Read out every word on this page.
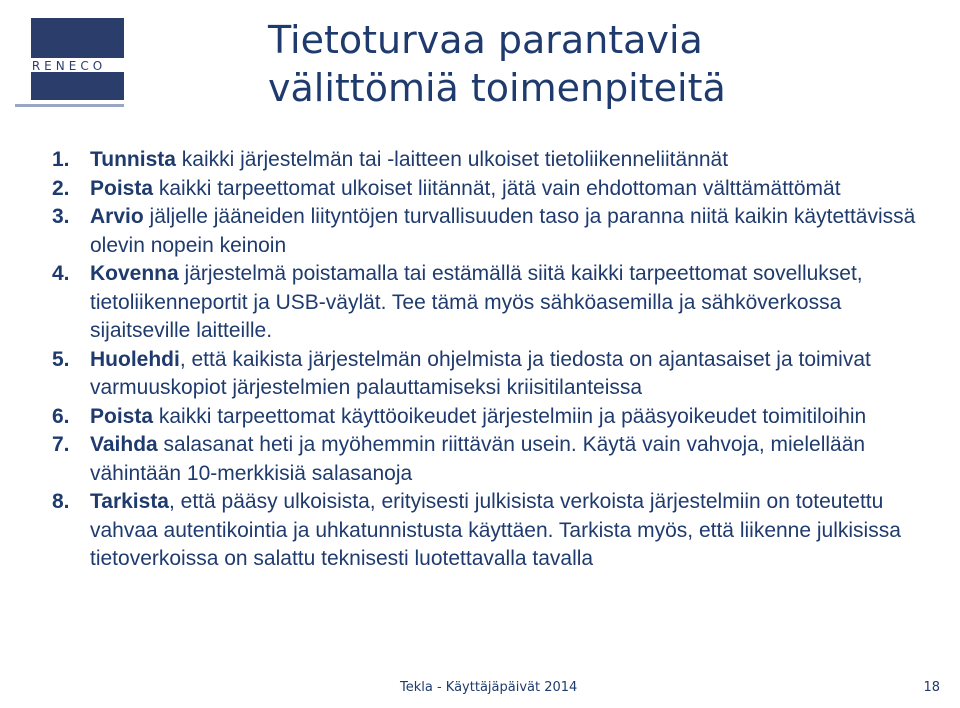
RENECO
Tietoturvaa parantavia
välittömiä toimenpiteitä
1. Tunnista kaikki järjestelmän tai -laitteen ulkoiset tietoliikenneliitännät
2. Poista kaikki tarpeettomat ulkoiset liitännät, jätä vain ehdottoman välttämättömät
3. Arvio jäljelle jääneiden liityntöjen turvallisuuden taso ja paranna niitä kaikin käytettävissä olevin nopein keinoin
4. Kovenna järjestelmä poistamalla tai estämällä siitä kaikki tarpeettomat sovellukset, tietoliikenneportit ja USB-väylät. Tee tämä myös sähköasemilla ja sähköverkossa sijaitseville laitteille.
5. Huolehdi, että kaikista järjestelmän ohjelmista ja tiedosta on ajantasaiset ja toimivat varmuuskopiot järjestelmien palauttamiseksi kriisitilanteissa
6. Poista kaikki tarpeettomat käyttöoikeudet järjestelmiin ja pääsyoikeudet toimitiloihin
7. Vaihda salasanat heti ja myöhemmin riittävän usein. Käytä vain vahvoja, mielellään vähintään 10-merkkisiä salasanoja
8. Tarkista, että pääsy ulkoisista, erityisesti julkisista verkoista järjestelmiin on toteutettu vahvaa autentikointia ja uhkatunnistusta käyttäen. Tarkista myös, että liikenne julkisissa tietoverkoissa on salattu teknisesti luotettavalla tavalla
Tekla - Käyttäjäpäivät 2014	18
